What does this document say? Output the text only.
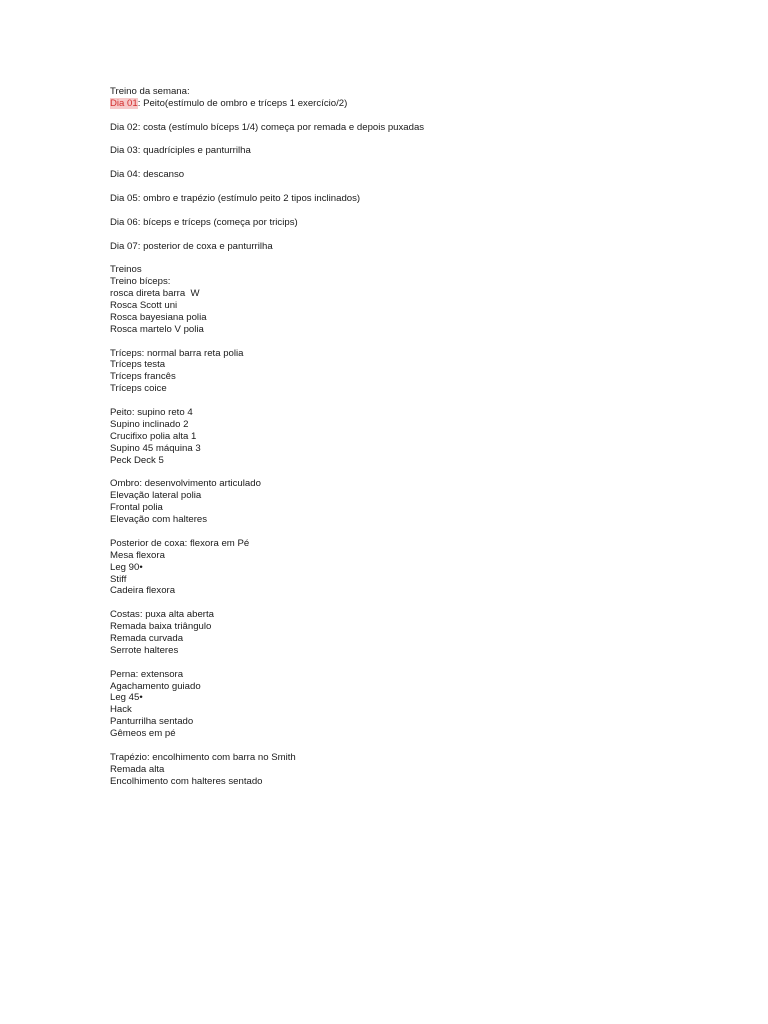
Treino da semana:
Dia 01: Peito(estímulo de ombro e tríceps 1 exercício/2)
Dia 02: costa (estímulo bíceps 1/4) começa por remada e depois puxadas
Dia 03: quadríciples e panturrilha
Dia 04: descanso
Dia 05: ombro e trapézio (estímulo peito 2 tipos inclinados)
Dia 06: bíceps e tríceps (começa por tricips)
Dia 07: posterior de coxa e panturrilha
Treinos
Treino bíceps:
rosca direta barra  W
Rosca Scott uni
Rosca bayesiana polia
Rosca martelo V polia
Tríceps: normal barra reta polia
Tríceps testa
Tríceps francês
Tríceps coice
Peito: supino reto 4
Supino inclinado 2
Crucifixo polia alta 1
Supino 45 máquina 3
Peck Deck 5
Ombro: desenvolvimento articulado
Elevação lateral polia
Frontal polia
Elevação com halteres
Posterior de coxa: flexora em Pé
Mesa flexora
Leg 90•
Stiff
Cadeira flexora
Costas: puxa alta aberta
Remada baixa triângulo
Remada curvada
Serrote halteres
Perna: extensora
Agachamento guiado
Leg 45•
Hack
Panturrilha sentado
Gêmeos em pé
Trapézio: encolhimento com barra no Smith
Remada alta
Encolhimento com halteres sentado
